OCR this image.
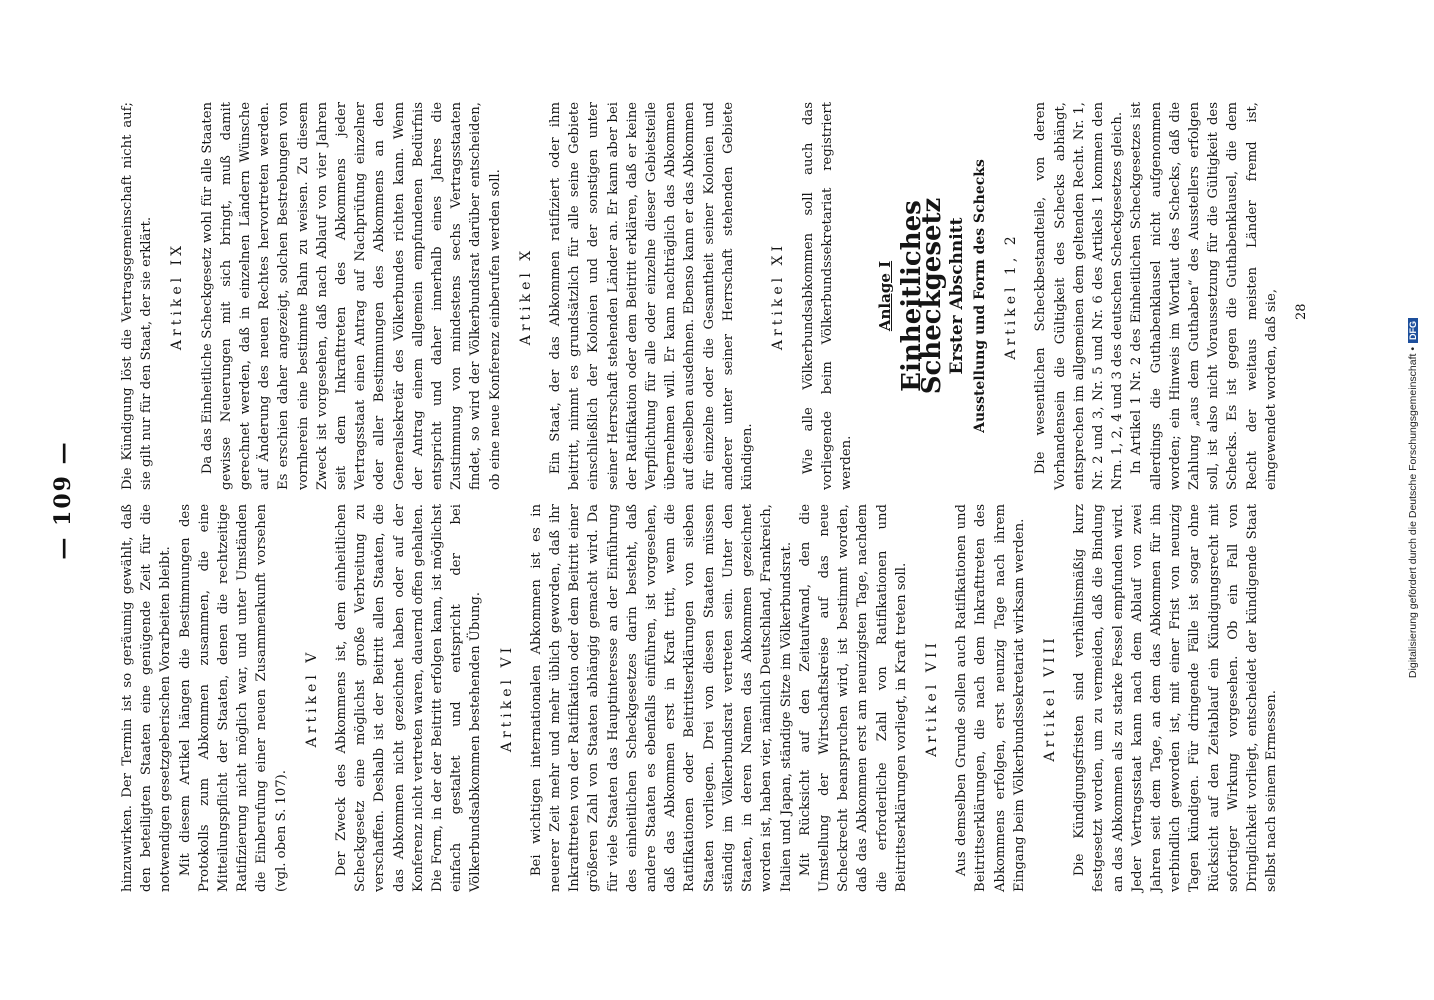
— 109 —

hinzuwirken. Der Termin ist so geräumig gewählt, daß den beteiligten Staaten eine genügende Zeit für die notwendigen gesetzgeberischen Vorarbeiten bleibt. Mit diesem Artikel hängen die Bestimmungen des Protokolls zum Abkommen zusammen, die eine Mitteilungspflicht der Staaten, denen die rechtzeitige Ratifizierung nicht möglich war, und unter Umständen die Einberufung einer neuen Zusammenkunft vorsehen (vgl. oben S. 107).

Artikel V Der Zweck des Abkommens ist, dem einheitlichen Scheckgesetz eine möglichst große Verbreitung zu verschaffen. Deshalb ist der Beitritt allen Staaten, die das Abkommen nicht gezeichnet haben oder auf der Konferenz nicht vertreten waren, dauernd offen gehalten. Die Form, in der der Beitritt erfolgen kann, ist möglichst einfach gestaltet und entspricht der bei Völkerbundsabkommen bestehenden Übung. Artikel VI Bei wichtigen internationalen Abkommen ist es in neuerer Zeit mehr und mehr üblich geworden, daß ihr Inkrafttreten von der Ratifikation oder dem Beitritt einer größeren Zahl von Staaten abhängig gemacht wird. Da für viele Staaten das Hauptinteresse an der Einführung des einheitlichen Scheckgesetzes darin besteht, daß andere Staaten es ebenfalls einführen, ist vorgesehen, daß das Abkommen erst in Kraft tritt, wenn die Ratifikationen oder Beitrittserklärungen von sieben Staaten vorliegen. Drei von diesen Staaten müssen ständig im Völkerbundsrat vertreten sein. Unter den Staaten, in deren Namen das Abkommen gezeichnet worden ist, haben vier, nämlich Deutschland, Frankreich, Italien und Japan, ständige Sitze im Völkerbundsrat. Mit Rücksicht auf den Zeitaufwand, den die Umstellung der Wirtschaftskreise auf das neue Scheckrecht beanspruchen wird, ist bestimmt worden, daß das Abkommen erst am neunzigsten Tage, nachdem die erforderliche Zahl von Ratifikationen und Beitrittserklärungen vorliegt, in Kraft treten soll. Artikel VII Aus demselben Grunde sollen auch Ratifikationen und Beitrittserklärungen, die nach dem Inkrafttreten des Abkommens erfolgen, erst neunzig Tage nach ihrem Eingang beim Völkerbundssekretariat wirksam werden. Artikel VIII Die Kündigungsfristen sind verhältnismäßig kurz festgesetzt worden, um zu vermeiden, daß die Bindung an das Abkommen als zu starke Fessel empfunden wird. Jeder Vertragsstaat kann nach dem Ablauf von zwei Jahren seit dem Tage, an dem das Abkommen für ihn verbindlich geworden ist, mit einer Frist von neunzig Tagen kündigen. Für dringende Fälle ist sogar ohne Rücksicht auf den Zeitablauf ein Kündigungsrecht mit sofortiger Wirkung vorgesehen. Ob ein Fall von Dringlichkeit vorliegt, entscheidet der kündigende Staat selbst nach seinem Ermessen.

Die Kündigung löst die Vertragsgemeinschaft nicht auf; sie gilt nur für den Staat, der sie erklärt. Artikel IX Da das Einheitliche Scheckgesetz wohl für alle Staaten gewisse Neuerungen mit sich bringt, muß damit gerechnet werden, daß in einzelnen Ländern Wünsche auf Änderung des neuen Rechtes hervortreten werden. Es erschien daher angezeigt, solchen Bestrebungen von vornherein eine bestimmte Bahn zu weisen. Zu diesem Zweck ist vorgesehen, daß nach Ablauf von vier Jahren seit dem Inkrafttreten des Abkommens jeder Vertragsstaat einen Antrag auf Nachprüfung einzelner oder aller Bestimmungen des Abkommens an den Generalsekretär des Völkerbundes richten kann. Wenn der Antrag einem allgemein empfundenen Bedürfnis entspricht und daher innerhalb eines Jahres die Zustimmung von mindestens sechs Vertragsstaaten findet, so wird der Völkerbundsrat darüber entscheiden, ob eine neue Konferenz einberufen werden soll. Artikel X Ein Staat, der das Abkommen ratifiziert oder ihm beitritt, nimmt es grundsätzlich für alle seine Gebiete einschließlich der Kolonien und der sonstigen unter seiner Herrschaft stehenden Länder an. Er kann aber bei der Ratifikation oder dem Beitritt erklären, daß er keine Verpflichtung für alle oder einzelne dieser Gebietsteile übernehmen will. Er kann nachträglich das Abkommen auf dieselben ausdehnen. Ebenso kann er das Abkommen für einzelne oder die Gesamtheit seiner Kolonien und anderer unter seiner Herrschaft stehenden Gebiete kündigen.

Artikel XI Wie alle Völkerbundsabkommen soll auch das vorliegende beim Völkerbundssekretariat registriert werden.

Anlage I Einheitliches Scheckgesetz Erster Abschnitt Ausstellung und Form des Schecks Artikel 1, 2 Die wesentlichen Scheckbestandteile, von deren Vorhandensein die Gültigkeit des Schecks abhängt, entsprechen im allgemeinen dem geltenden Recht. Nr. 1, Nr. 2 und 3, Nr. 5 und Nr. 6 des Artikels 1 kommen den Nrn. 1, 2, 4 und 3 des deutschen Scheckgesetzes gleich. In Artikel 1 Nr. 2 des Einheitlichen Scheckgesetzes ist allerdings die Guthabenklausel nicht aufgenommen worden; ein Hinweis im Wortlaut des Schecks, daß die Zahlung „aus dem Guthaben“ des Ausstellers erfolgen soll, ist also nicht Voraussetzung für die Gültigkeit des Schecks. Es ist gegen die Guthabenklausel, die dem Recht der weitaus meisten Länder fremd ist, eingewendet worden, daß sie, 28
Digitalisierung gefördert durch die Deutsche Forschungsgemeinschaft •DFG
